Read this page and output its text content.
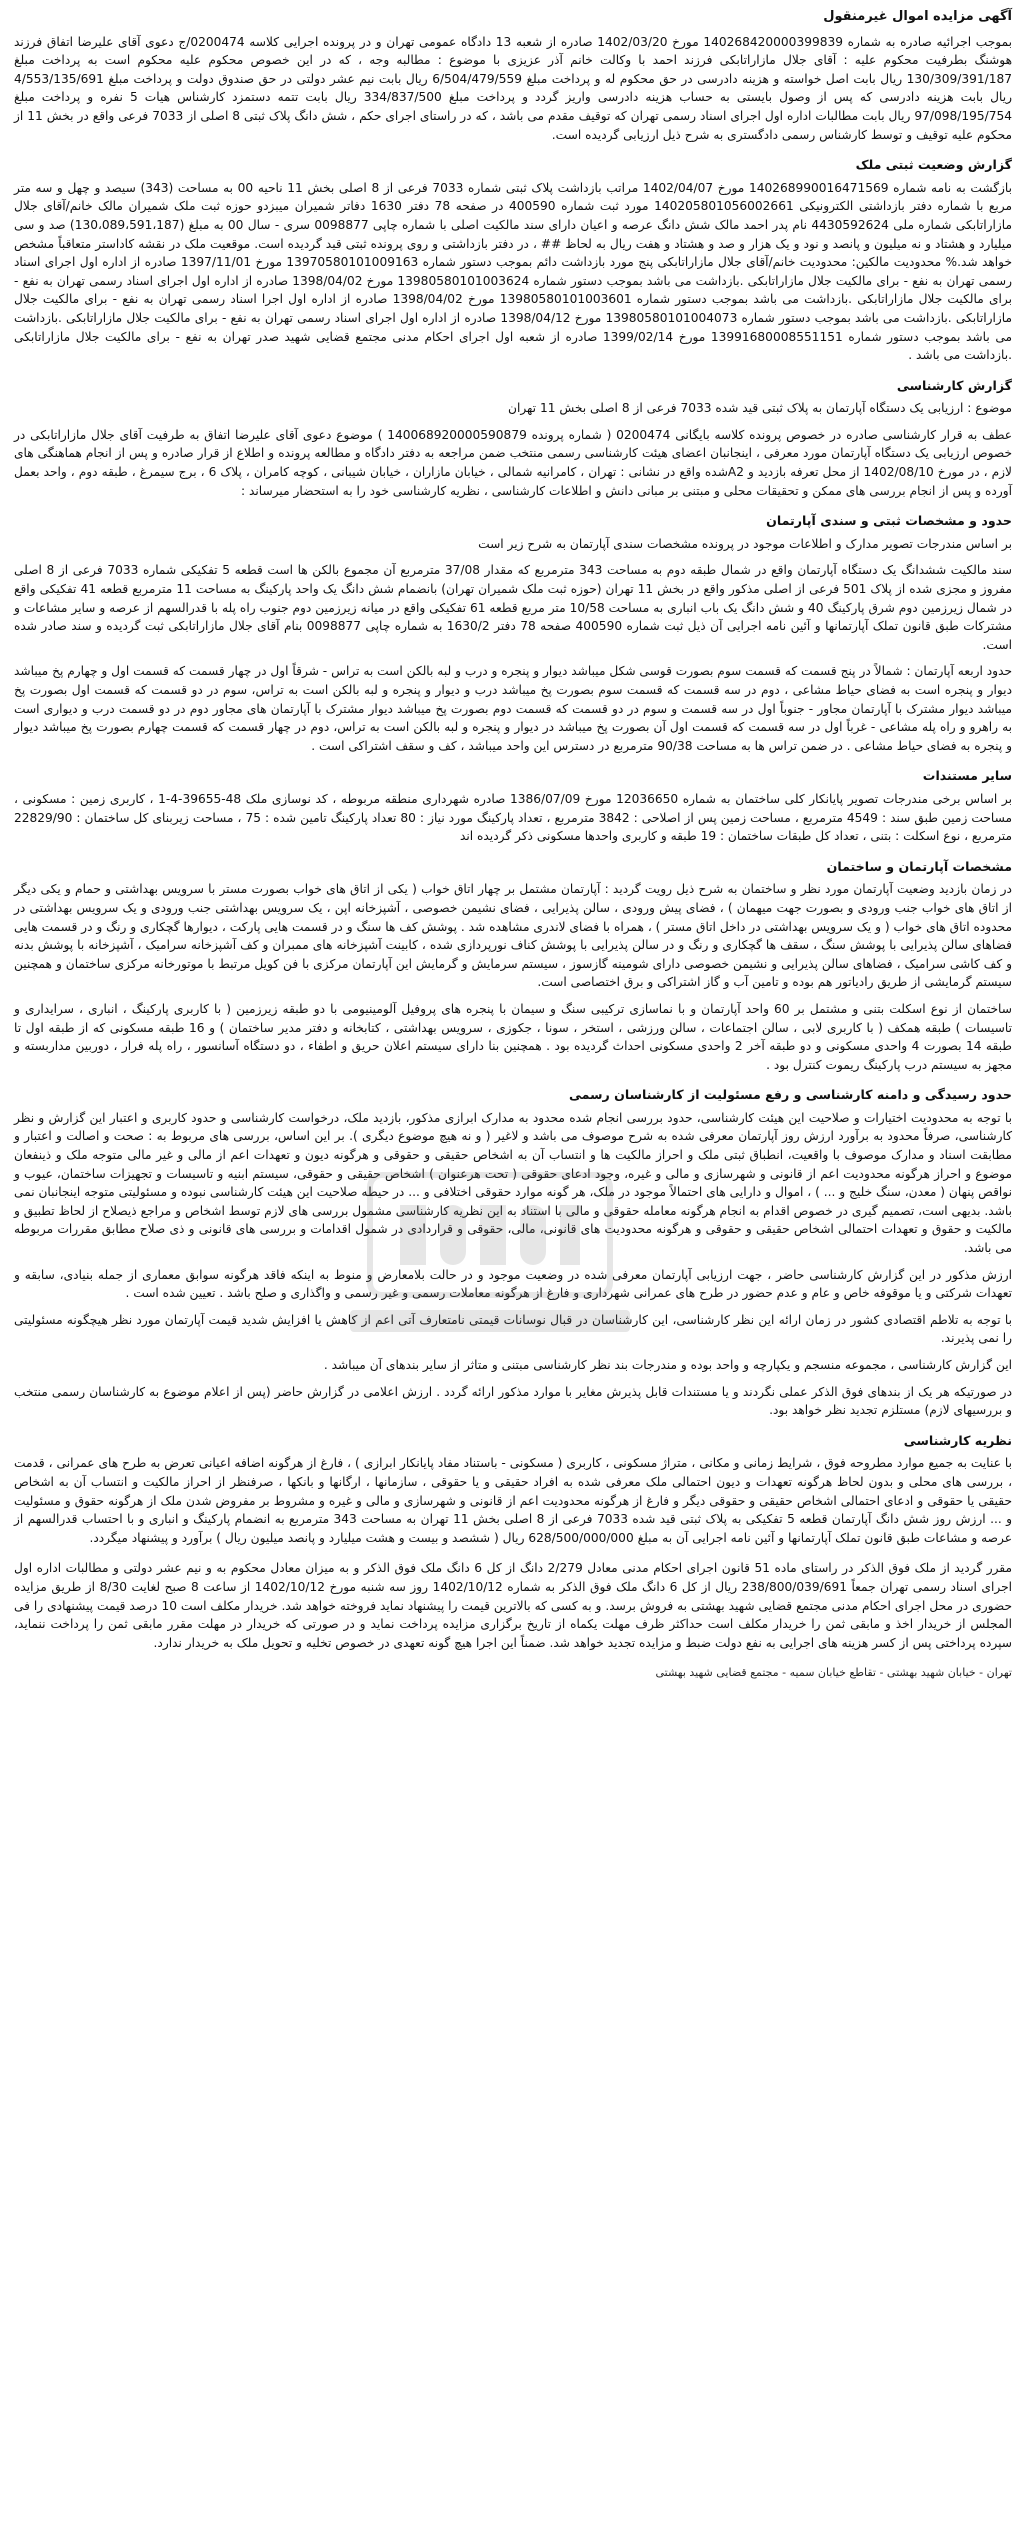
آگهی مزایده اموال غیرمنقول
بموجب اجرائیه صادره به شماره 140268420000399839 مورخ 1402/03/20 صادره از شعبه 13 دادگاه عمومی تهران و در پرونده اجرایی کلاسه 0200474/ج دعوی آقای علیرضا اتفاق فرزند هوشنگ بطرفیت محکوم علیه : آقای جلال مازاراتابکی فرزند احمد با وکالت خانم آذر عزیزی با موضوع : مطالبه وجه ، که در این خصوص محکوم علیه محکوم است به پرداخت مبلغ 130/309/391/187 ریال بابت اصل خواسته و هزینه دادرسی در حق محکوم له و پرداخت مبلغ 6/504/479/559 ریال بابت نیم عشر دولتی در حق صندوق دولت و پرداخت مبلغ 4/553/135/691 ریال بابت هزینه دادرسی که پس از وصول بایستی به حساب هزینه دادرسی واریز گردد و پرداخت مبلغ 334/837/500 ریال بابت تتمه دستمزد کارشناس هیات 5 نفره و پرداخت مبلغ 97/098/195/754 ریال بابت مطالبات اداره اول اجرای اسناد رسمی تهران که توقیف مقدم می باشد ، که در راستای اجرای حکم ، شش دانگ پلاک ثبتی 8 اصلی از 7033 فرعی واقع در بخش 11 از محکوم علیه توقیف و توسط کارشناس رسمی دادگستری به شرح ذیل ارزیابی گردیده است.
گزارش وضعیت ثبتی ملک
بازگشت به نامه شماره 140268990016471569 مورخ 1402/04/07 مراتب بازداشت پلاک ثبتی شماره 7033 فرعی از 8 اصلی بخش 11 ناحیه 00 به مساحت (343) سیصد و چهل و سه متر مربع با شماره دفتر بازداشتی الکترونیکی 140205801056002661 مورد ثبت شماره 400590 در صفحه 78 دفتر 1630 دفاتر شمیران میبزدو حوزه ثبت ملک شمیران مالک خانم/آقای جلال مازاراتابکی شماره ملی 4430592624 نام پدر احمد مالک شش دانگ عرصه و اعیان دارای سند مالکیت اصلی با شماره چاپی 0098877 سری - سال 00 به مبلغ (130،089،591،187) صد و سی میلیارد و هشتاد و نه میلیون و پانصد و نود و یک هزار و صد و هشتاد و هفت ریال به لحاظ ## ، در دفتر بازداشتی و روی پرونده ثبتی قید گردیده است. موقعیت ملک در نقشه کاداستر متعاقباً مشخص خواهد شد.% محدودیت مالکین: محدودیت خانم/آقای جلال مازاراتابکی پنج مورد بازداشت دائم بموجب دستور شماره 13970580101009163 مورخ 1397/11/01 صادره از اداره اول اجرای اسناد رسمی تهران به نفع - برای مالکیت جلال مازاراتابکی .بازداشت می باشد بموجب دستور شماره 13980580101003624 مورخ 1398/04/02 صادره از اداره اول اجرای اسناد رسمی تهران به نفع - برای مالکیت جلال مازاراتابکی .بازداشت می باشد بموجب دستور شماره 13980580101003601 مورخ 1398/04/02 صادره از اداره اول اجرا اسناد رسمی تهران به نفع - برای مالکیت جلال مازاراتابکی .بازداشت می باشد بموجب دستور شماره 13980580101004073 مورخ 1398/04/12 صادره از اداره اول اجرای اسناد رسمی تهران به نفع - برای مالکیت جلال مازاراتابکی .بازداشت می باشد بموجب دستور شماره 13991680008551151 مورخ 1399/02/14 صادره از شعبه اول اجرای احکام مدنی مجتمع قضایی شهید صدر تهران به نفع - برای مالکیت جلال مازاراتابکی .بازداشت می باشد .
گزارش کارشناسی
موضوع : ارزیابی یک دستگاه آپارتمان به پلاک ثبتی قید شده 7033 فرعی از 8 اصلی بخش 11 تهران
عطف به قرار کارشناسی صادره در خصوص پرونده کلاسه بایگانی 0200474 ( شماره پرونده 140068920000590879 ) موضوع دعوی آقای علیرضا اتفاق به طرفیت آقای جلال مازاراتابکی در خصوص ارزیابی یک دستگاه آپارتمان مورد معرفی ، اینجانبان اعضای هیئت کارشناسی رسمی منتخب ضمن مراجعه به دفتر دادگاه و مطالعه پرونده و اطلاع از قرار صادره و پس از انجام هماهنگی های لازم ، در مورخ 1402/08/10 از محل تعرفه بازدید و A2شده واقع در نشانی : تهران ، کامرانیه شمالی ، خیابان مازاران ، خیابان شیبانی ، کوچه کامران ، پلاک 6 ، برج سیمرغ ، طبقه دوم ، واحد بعمل آورده و پس از انجام بررسی های ممکن و تحقیقات محلی و مبتنی بر مبانی دانش و اطلاعات کارشناسی ، نظریه کارشناسی خود را به استحضار میرساند :
حدود و مشخصات ثبتی و سندی آپارتمان
بر اساس مندرجات تصویر مدارک و اطلاعات موجود در پرونده مشخصات سندی آپارتمان به شرح زیر است
سند مالکیت ششدانگ یک دستگاه آپارتمان واقع در شمال طبقه دوم به مساحت 343 مترمربع که مقدار 37/08 مترمربع آن مجموع بالکن ها است قطعه 5 تفکیکی شماره 7033 فرعی از 8 اصلی مفروز و مجزی شده از پلاک 501 فرعی از اصلی مذکور واقع در بخش 11 تهران (حوزه ثبت ملک شمیران تهران) بانضمام شش دانگ یک واحد پارکینگ به مساحت 11 مترمربع قطعه 41 تفکیکی واقع در شمال زیرزمین دوم شرق پارکینگ 40 و شش دانگ یک باب انباری به مساحت 10/58 متر مربع قطعه 61 تفکیکی واقع در میانه زیرزمین دوم جنوب راه پله با قدرالسهم از عرصه و سایر مشاعات و مشترکات طبق قانون تملک آپارتمانها و آئین نامه اجرایی آن ذیل ثبت شماره 400590 صفحه 78 دفتر 1630/2 به شماره چاپی 0098877 بنام آقای جلال مازاراتابکی ثبت گردیده و سند صادر شده است.
حدود اربعه آپارتمان : شمالاً در پنج قسمت که قسمت سوم بصورت قوسی شکل میباشد دیوار و پنجره و درب و لبه بالکن است به تراس - شرقاً اول در چهار قسمت که قسمت اول و چهارم پخ میباشد دیوار و پنجره است به فضای حیاط مشاعی ، دوم در سه قسمت که قسمت سوم بصورت پخ میباشد درب و دیوار و پنجره و لبه بالکن است به تراس، سوم در دو قسمت که قسمت اول بصورت پخ میباشد دیوار مشترک با آپارتمان مجاور - جنوباً اول در سه قسمت و سوم در دو قسمت که قسمت دوم بصورت پخ میباشد دیوار مشترک با آپارتمان های مجاور دوم در دو قسمت درب و دیواری است به راهرو و راه پله مشاعی - غرباً اول در سه قسمت که قسمت اول آن بصورت پخ میباشد در دیوار و پنجره و لبه بالکن است به تراس، دوم در چهار قسمت که قسمت چهارم بصورت پخ میباشد دیوار و پنجره به فضای حیاط مشاعی . در ضمن تراس ها به مساحت 90/38 مترمربع در دسترس این واحد میباشد ، کف و سقف اشتراکی است .
سایر مستندات
بر اساس برخی مندرجات تصویر پایانکار کلی ساختمان به شماره 12036650 مورخ 1386/07/09 صادره شهرداری منطقه مربوطه ، کد نوسازی ملک 48-39655-4-1 ، کاربری زمین : مسکونی ، مساحت زمین طبق سند : 4549 مترمربع ، مساحت زمین پس از اصلاحی : 3842 مترمربع ، تعداد پارکینگ مورد نیاز : 80 تعداد پارکینگ تامین شده : 75 ، مساحت زیربنای کل ساختمان : 22829/90 مترمربع ، نوع اسکلت : بتنی ، تعداد کل طبقات ساختمان : 19 طبقه و کاربری واحدها مسکونی ذکر گردیده اند
مشخصات آپارتمان و ساختمان
در زمان بازدید وضعیت آپارتمان مورد نظر و ساختمان به شرح ذیل رویت گردید : آپارتمان مشتمل بر چهار اتاق خواب ( یکی از اتاق های خواب بصورت مستر با سرویس بهداشتی و حمام و یکی دیگر از اتاق های خواب جنب ورودی و بصورت جهت میهمان ) ، فضای پیش ورودی ، سالن پذیرایی ، فضای نشیمن خصوصی ، آشپزخانه اپن ، یک سرویس بهداشتی جنب ورودی و یک سرویس بهداشتی در محدوده اتاق های خواب ( و یک سرویس بهداشتی در داخل اتاق مستر ) ، همراه با فضای لاندری مشاهده شد . پوشش کف ها سنگ و در قسمت هایی پارکت ، دیوارها گچکاری و رنگ و در قسمت هایی فضاهای سالن پذیرایی با پوشش سنگ ، سقف ها گچکاری و رنگ و در سالن پذیرایی با پوشش کناف نورپردازی شده ، کابینت آشپزخانه های ممبران و کف آشپزخانه سرامیک ، آشپزخانه با پوشش بدنه و کف کاشی سرامیک ، فضاهای سالن پذیرایی و نشیمن خصوصی دارای شومینه گازسوز ، سیستم سرمایش و گرمایش این آپارتمان مرکزی با فن کویل مرتبط با موتورخانه مرکزی ساختمان و همچنین سیستم گرمایشی از طریق رادیاتور هم بوده و تامین آب و گاز اشتراکی و برق اختصاصی است.
ساختمان از نوع اسکلت بتنی و مشتمل بر 60 واحد آپارتمان و با نماسازی ترکیبی سنگ و سیمان با پنجره های پروفیل آلومینیومی با دو طبقه زیرزمین ( با کاربری پارکینگ ، انباری ، سرایداری و تاسیسات ) طبقه همکف ( با کاربری لابی ، سالن اجتماعات ، سالن ورزشی ، استخر ، سونا ، جکوزی ، سرویس بهداشتی ، کتابخانه و دفتر مدیر ساختمان ) و 16 طبقه مسکونی که از طبقه اول تا طبقه 14 بصورت 4 واحدی مسکونی و دو طبقه آخر 2 واحدی مسکونی احداث گردیده بود . همچنین بنا دارای سیستم اعلان حریق و اطفاء ، دو دستگاه آسانسور ، راه پله فرار ، دوربین مداربسته و مجهز به سیستم درب پارکینگ ریموت کنترل بود .
حدود رسیدگی و دامنه کارشناسی و رفع مسئولیت از کارشناسان رسمی
با توجه به محدودیت اختیارات و صلاحیت این هیئت کارشناسی، حدود بررسی انجام شده محدود به مدارک ابرازی مذکور، بازدید ملک، درخواست کارشناسی و حدود کاربری و اعتبار این گزارش و نظر کارشناسی، صرفاً محدود به برآورد ارزش روز آپارتمان معرفی شده به شرح موصوف می باشد و لاغیر ( و نه هیچ موضوع دیگری ). بر این اساس، بررسی های مربوط به : صحت و اصالت و اعتبار و مطابقت اسناد و مدارک موصوف با واقعیت، انطباق ثبتی ملک و احراز مالکیت ها و انتساب آن به اشخاص حقیقی و حقوقی و هرگونه دیون و تعهدات اعم از مالی و غیر مالی متوجه ملک و ذینفعان موضوع و احراز هرگونه محدودیت اعم از قانونی و شهرسازی و مالی و غیره، وجود ادعای حقوقی ( تحت هرعنوان ) اشخاص حقیقی و حقوقی، سیستم ابنیه و تاسیسات و تجهیزات ساختمان، عیوب و نواقص پنهان ( معدن، سنگ خلیج و ... ) ، اموال و دارایی های احتمالاً موجود در ملک، هر گونه موارد حقوقی اختلافی و ... در حیطه صلاحیت این هیئت کارشناسی نبوده و مسئولیتی متوجه اینجانبان نمی باشد. بدیهی است، تصمیم گیری در خصوص اقدام به انجام هرگونه معامله حقوقی و مالی با استناد به این نظریه کارشناسی مشمول بررسی های لازم توسط اشخاص و مراجع ذیصلاح از لحاظ تطبیق و مالکیت و حقوق و تعهدات احتمالی اشخاص حقیقی و حقوقی و هرگونه محدودیت های قانونی، مالی، حقوقی و قراردادی در شمول اقدامات و بررسی های قانونی و ذی صلاح مطابق مقررات مربوطه می باشد.
ارزش مذکور در این گزارش کارشناسی حاضر ، جهت ارزیابی آپارتمان معرفی شده در وضعیت موجود و در حالت بلامعارض و منوط به اینکه فاقد هرگونه سوابق معماری از جمله بنیادی، سابقه و تعهدات شرکتی و یا موقوفه خاص و عام و عدم حضور در طرح های عمرانی شهرداری و فارغ از هرگونه معاملات رسمی و غیر رسمی و واگذاری و صلح باشد . تعیین شده است .
با توجه به تلاطم اقتصادی کشور در زمان ارائه این نظر کارشناسی، این کارشناسان در قبال نوسانات قیمتی نامتعارف آتی اعم از کاهش یا افزایش شدید قیمت آپارتمان مورد نظر هیچگونه مسئولیتی را نمی پذیرند.
این گزارش کارشناسی ، مجموعه منسجم و یکپارچه و واحد بوده و مندرجات بند نظر کارشناسی مبتنی و متاثر از سایر بندهای آن میباشد .
در صورتیکه هر یک از بندهای فوق الذکر عملی نگردند و یا مستندات قابل پذیرش مغایر با موارد مذکور ارائه گردد . ارزش اعلامی در گزارش حاضر (پس از اعلام موضوع به کارشناسان رسمی منتخب و بررسیهای لازم) مستلزم تجدید نظر خواهد بود.
نظریه کارشناسی
با عنایت به جمیع موارد مطروحه فوق ، شرایط زمانی و مکانی ، متراژ مسکونی ، کاربری ( مسکونی - باستناد مفاد پایانکار ابرازی ) ، فارغ از هرگونه اضافه اعیانی تعرض به طرح های عمرانی ، قدمت ، بررسی های محلی و بدون لحاظ هرگونه تعهدات و دیون احتمالی ملک معرفی شده به افراد حقیقی و یا حقوقی ، سازمانها ، ارگانها و بانکها ، صرفنظر از احراز مالکیت و انتساب آن به اشخاص حقیقی یا حقوقی و ادعای احتمالی اشخاص حقیقی و حقوقی دیگر و فارغ از هرگونه محدودیت اعم از قانونی و شهرسازی و مالی و غیره و مشروط بر مفروض شدن ملک از هرگونه حقوق و مسئولیت و ... ارزش روز شش دانگ آپارتمان قطعه 5 تفکیکی به پلاک ثبتی قید شده 7033 فرعی از 8 اصلی بخش 11 تهران به مساحت 343 مترمربع به انضمام پارکینگ و انباری و با احتساب قدرالسهم از عرصه و مشاعات طبق قانون تملک آپارتمانها و آئین نامه اجرایی آن به مبلغ 628/500/000/000 ریال ( ششصد و بیست و هشت میلیارد و پانصد میلیون ریال ) برآورد و پیشنهاد میگردد.
مقرر گردید از ملک فوق الذکر در راستای ماده 51 قانون اجرای احکام مدنی معادل 2/279 دانگ از کل 6 دانگ ملک فوق الذکر و به میزان معادل محکوم به و نیم عشر دولتی و مطالبات اداره اول اجرای اسناد رسمی تهران جمعاً 238/800/039/691 ریال از کل 6 دانگ ملک فوق الذکر به شماره 1402/10/12 روز سه شنبه مورخ 1402/10/12 از ساعت 8 صبح لغایت 8/30 از طریق مزایده حضوری در محل اجرای احکام مدنی مجتمع قضایی شهید بهشتی به فروش برسد. و به کسی که بالاترین قیمت را پیشنهاد نماید فروخته خواهد شد. خریدار مکلف است 10 درصد قیمت پیشنهادی را فی المجلس از خریدار اخذ و مابقی ثمن را خریدار مکلف است حداکثر ظرف مهلت یکماه از تاریخ برگزاری مزایده پرداخت نماید و در صورتی که خریدار در مهلت مقرر مابقی ثمن را پرداخت ننماید، سپرده پرداختی پس از کسر هزینه های اجرایی به نفع دولت ضبط و مزایده تجدید خواهد شد. ضمناً این اجرا هیچ گونه تعهدی در خصوص تخلیه و تحویل ملک به خریدار ندارد.
تهران - خیابان شهید بهشتی - تقاطع خیابان سمیه - مجتمع قضایی شهید بهشتی
